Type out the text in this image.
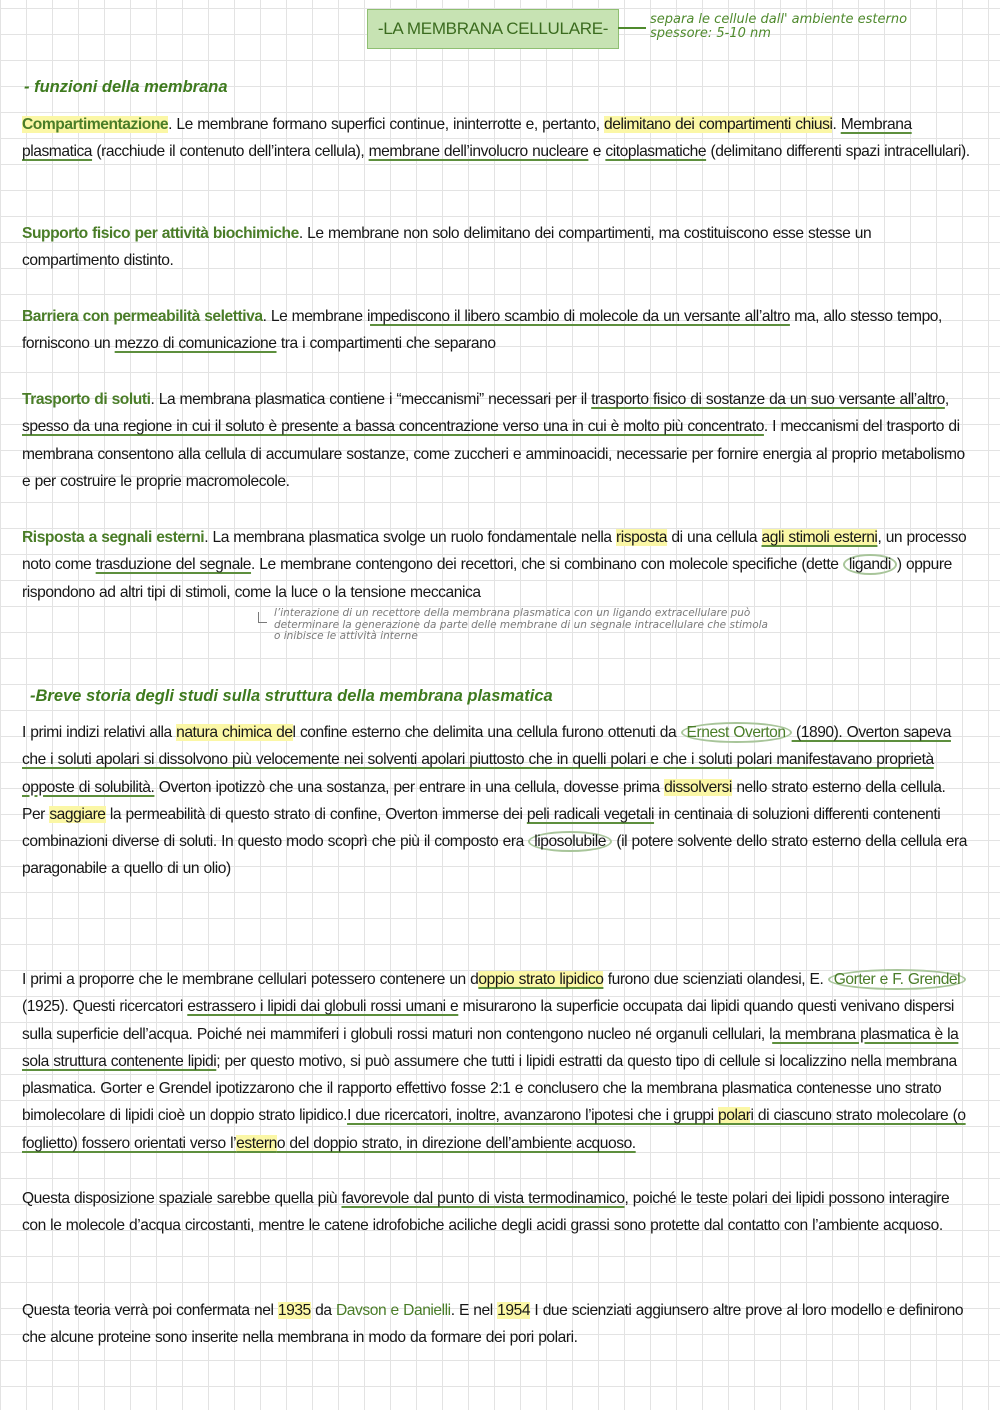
-LA MEMBRANA CELLULARE-	separa le cellule dall' ambiente esterno
spessore: 5-10 nm
- funzioni della membrana
Compartimentazione. Le membrane formano superfici continue, ininterrotte e, pertanto, delimitano dei compartimenti chiusi. Membrana plasmatica (racchiude il contenuto dell’intera cellula), membrane dell’involucro nucleare e citoplasmatiche (delimitano differenti spazi intracellulari).
Supporto fisico per attività biochimiche. Le membrane non solo delimitano dei compartimenti, ma costituiscono esse stesse un compartimento distinto.
Barriera con permeabilità selettiva. Le membrane impediscono il libero scambio di molecole da un versante all’altro ma, allo stesso tempo, forniscono un mezzo di comunicazione tra i compartimenti che separano
Trasporto di soluti. La membrana plasmatica contiene i “meccanismi” necessari per il trasporto fisico di sostanze da un suo versante all’altro, spesso da una regione in cui il soluto è presente a bassa concentrazione verso una in cui è molto più concentrato. I meccanismi del trasporto di membrana consentono alla cellula di accumulare sostanze, come zuccheri e amminoacidi, necessarie per fornire energia al proprio metabolismo e per costruire le proprie macromolecole.
Risposta a segnali esterni. La membrana plasmatica svolge un ruolo fondamentale nella risposta di una cellula agli stimoli esterni, un processo noto come trasduzione del segnale. Le membrane contengono dei recettori, che si combinano con molecole specifiche (dette ligandi ) oppure rispondono ad altri tipi di stimoli, come la luce o la tensione meccanica
l’interazione di un recettore della membrana plasmatica con un ligando extracellulare può determinare la generazione da parte delle membrane di un segnale intracellulare che stimola o inibisce le attività interne
-Breve storia degli studi sulla struttura della membrana plasmatica
I primi indizi relativi alla natura chimica del confine esterno che delimita una cellula furono ottenuti da Ernest Overton (1890). Overton sapeva che i soluti apolari si dissolvono più velocemente nei solventi apolari piuttosto che in quelli polari e che i soluti polari manifestavano proprietà opposte di solubilità. Overton ipotizzò che una sostanza, per entrare in una cellula, dovesse prima dissolversi nello strato esterno della cellula. Per saggiare la permeabilità di questo strato di confine, Overton immerse dei peli radicali vegetali in centinaia di soluzioni differenti contenenti combinazioni diverse di soluti. In questo modo scoprì che più il composto era liposolubile (il potere solvente dello strato esterno della cellula era paragonabile a quello di un olio)
I primi a proporre che le membrane cellulari potessero contenere un doppio strato lipidico furono due scienziati olandesi, E. Gorter e F. Grendel (1925). Questi ricercatori estrassero i lipidi dai globuli rossi umani e misurarono la superficie occupata dai lipidi quando questi venivano dispersi sulla superficie dell’acqua. Poiché nei mammiferi i globuli rossi maturi non contengono nucleo né organuli cellulari, la membrana plasmatica è la sola struttura contenente lipidi; per questo motivo, si può assumere che tutti i lipidi estratti da questo tipo di cellule si localizzino nella membrana plasmatica. Gorter e Grendel ipotizzarono che il rapporto effettivo fosse 2:1 e conclusero che la membrana plasmatica contenesse uno strato bimolecolare di lipidi cioè un doppio strato lipidico.I due ricercatori, inoltre, avanzarono l’ipotesi che i gruppi polari di ciascuno strato molecolare (o foglietto) fossero orientati verso l’esterno del doppio strato, in direzione dell’ambiente acquoso.
Questa disposizione spaziale sarebbe quella più favorevole dal punto di vista termodinamico, poiché le teste polari dei lipidi possono interagire con le molecole d’acqua circostanti, mentre le catene idrofobiche aciliche degli acidi grassi sono protette dal contatto con l’ambiente acquoso.
Questa teoria verrà poi confermata nel 1935 da Davson e Danielli. E nel 1954 I due scienziati aggiunsero altre prove al loro modello e definirono che alcune proteine sono inserite nella membrana in modo da formare dei pori polari.
